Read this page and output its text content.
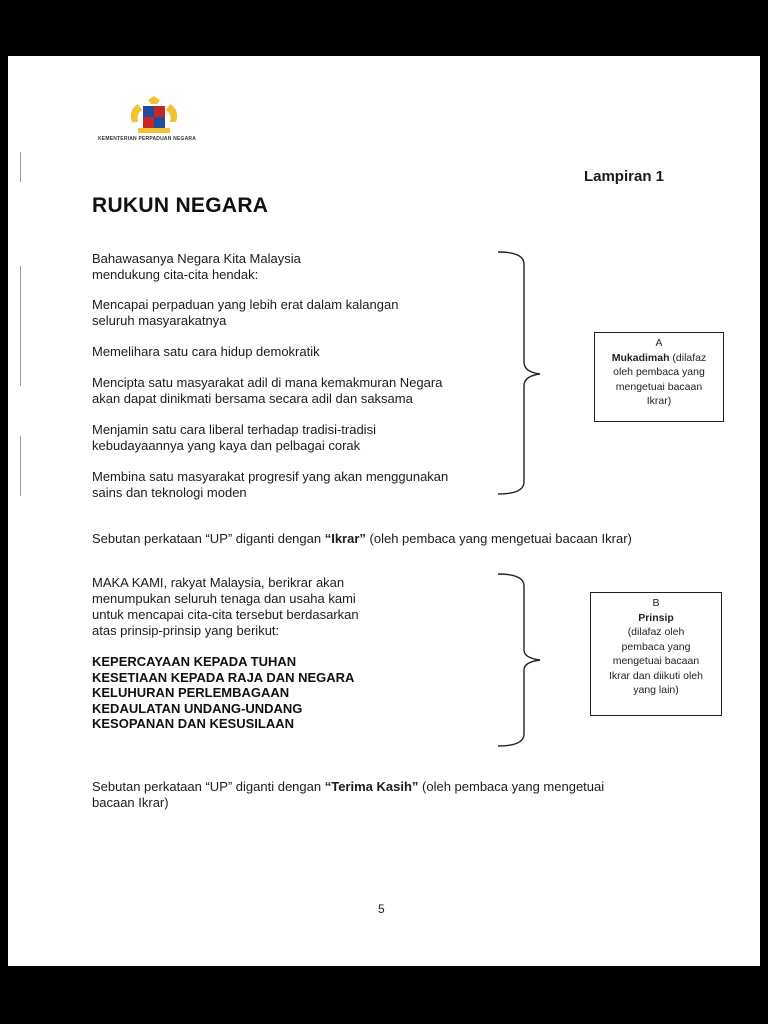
KEMENTERIAN PERPADUAN NEGARA
Lampiran 1
RUKUN NEGARA
Bahawasanya Negara Kita Malaysia
mendukung cita-cita hendak:
Mencapai perpaduan yang lebih erat dalam kalangan
seluruh masyarakatnya
Memelihara satu cara hidup demokratik
Mencipta satu masyarakat adil di mana kemakmuran Negara
akan dapat dinikmati bersama secara adil dan saksama
Menjamin satu cara liberal terhadap tradisi-tradisi
kebudayaannya yang kaya dan pelbagai corak
Membina satu masyarakat progresif yang akan menggunakan
sains dan teknologi moden
A
Mukadimah (dilafaz
oleh pembaca yang
mengetuai bacaan
Ikrar)
Sebutan perkataan “UP” diganti dengan “Ikrar” (oleh pembaca yang mengetuai bacaan Ikrar)
MAKA KAMI, rakyat Malaysia, berikrar akan
menumpukan seluruh tenaga dan usaha kami
untuk mencapai cita-cita tersebut berdasarkan
atas prinsip-prinsip yang berikut:
KEPERCAYAAN KEPADA TUHAN
KESETIAAN KEPADA RAJA DAN NEGARA
KELUHURAN PERLEMBAGAAN
KEDAULATAN UNDANG-UNDANG
KESOPANAN DAN KESUSILAAN
B
Prinsip
(dilafaz oleh
pembaca yang
mengetuai bacaan
Ikrar dan diikuti oleh
yang lain)
Sebutan perkataan “UP” diganti dengan “Terima Kasih” (oleh pembaca yang mengetuai
bacaan Ikrar)
5
